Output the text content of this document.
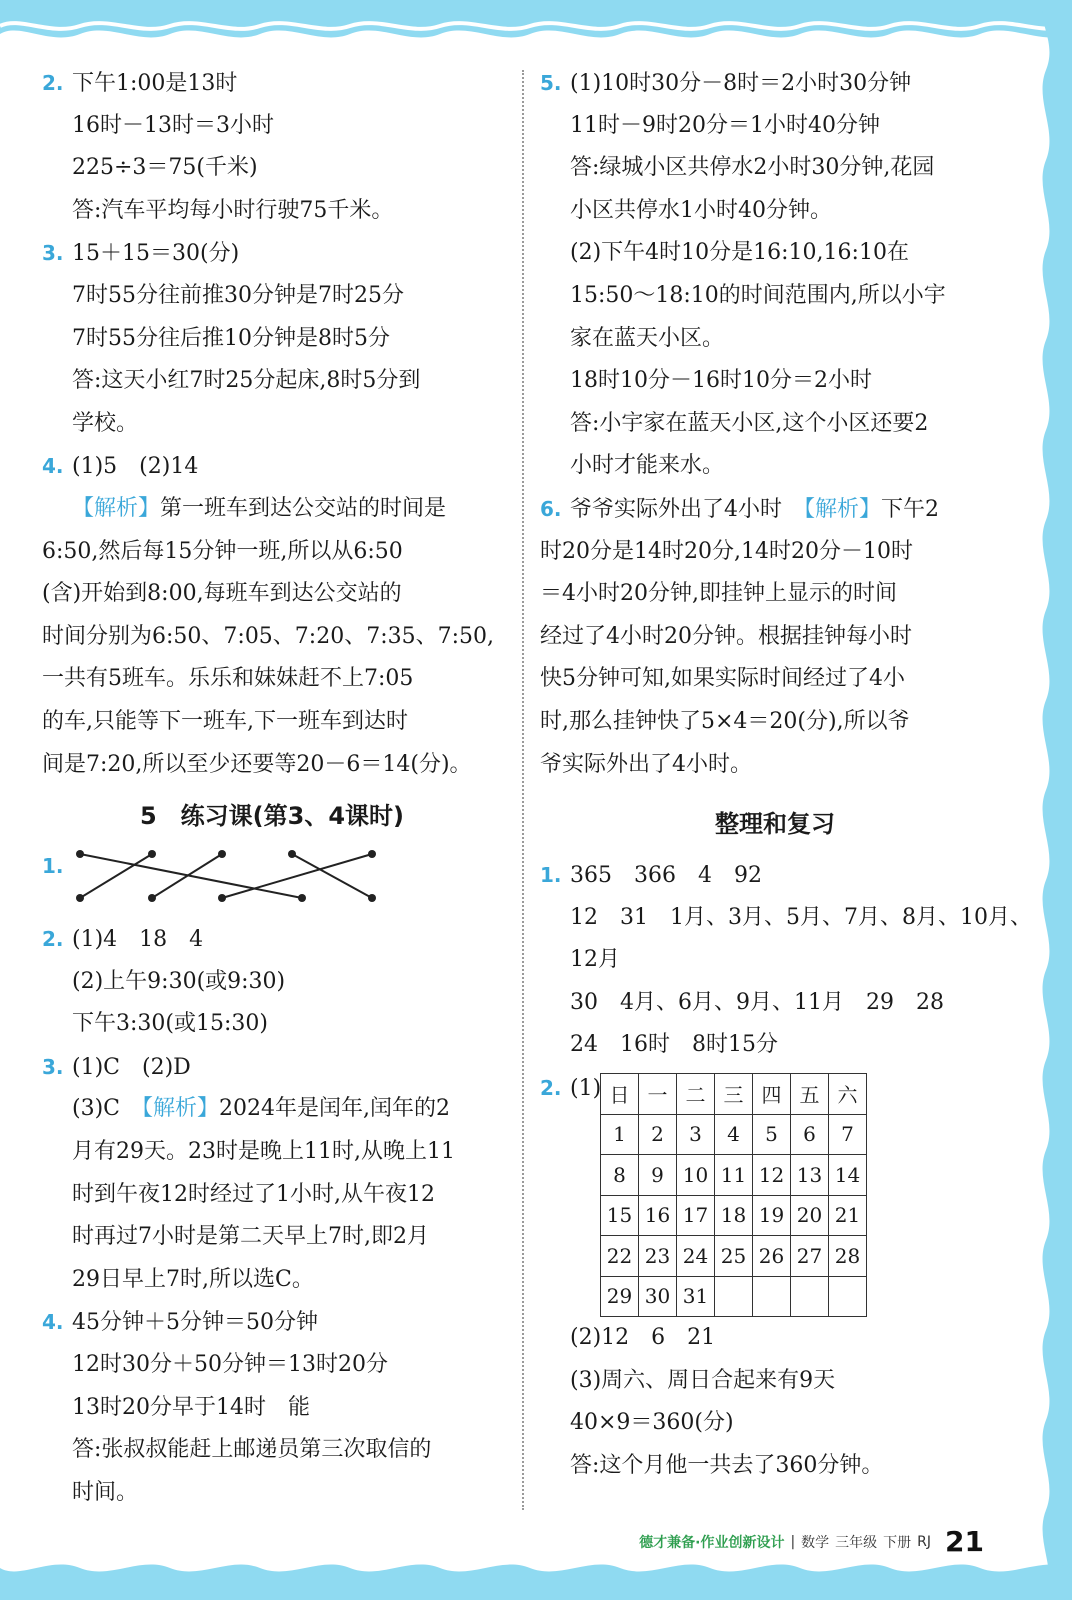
2. 下午1:00是13时
16时－13时＝3小时
225÷3＝75(千米)
答:汽车平均每小时行驶75千米。
3. 15＋15＝30(分)
7时55分往前推30分钟是7时25分
7时55分往后推10分钟是8时5分
答:这天小红7时25分起床,8时5分到
学校。
4. (1)5　(2)14
【解析】第一班车到达公交站的时间是
6:50,然后每15分钟一班,所以从6:50
(含)开始到8:00,每班车到达公交站的
时间分别为6:50、7:05、7:20、7:35、7:50,
一共有5班车。乐乐和妹妹赶不上7:05
的车,只能等下一班车,下一班车到达时
间是7:20,所以至少还要等20－6＝14(分)。
5　练习课(第3、4课时)
1.
2. (1)4　18　4
(2)上午9:30(或9:30)
下午3:30(或15:30)
3. (1)C　(2)D
(3)C　【解析】2024年是闰年,闰年的2
月有29天。23时是晚上11时,从晚上11
时到午夜12时经过了1小时,从午夜12
时再过7小时是第二天早上7时,即2月
29日早上7时,所以选C。
4. 45分钟＋5分钟＝50分钟
12时30分＋50分钟＝13时20分
13时20分早于14时　能
答:张叔叔能赶上邮递员第三次取信的
时间。
5. (1)10时30分－8时＝2小时30分钟
11时－9时20分＝1小时40分钟
答:绿城小区共停水2小时30分钟,花园
小区共停水1小时40分钟。
(2)下午4时10分是16:10,16:10在
15:50～18:10的时间范围内,所以小宇
家在蓝天小区。
18时10分－16时10分＝2小时
答:小宇家在蓝天小区,这个小区还要2
小时才能来水。
6. 爷爷实际外出了4小时　【解析】下午2
时20分是14时20分,14时20分－10时
＝4小时20分钟,即挂钟上显示的时间
经过了4小时20分钟。根据挂钟每小时
快5分钟可知,如果实际时间经过了4小
时,那么挂钟快了5×4＝20(分),所以爷
爷实际外出了4小时。
整理和复习
1. 365　366　4　92
12　31　1月、3月、5月、7月、8月、10月、
12月
30　4月、6月、9月、11月　29　28
24　16时　8时15分
2. (1) 日	一	二	三	四	五	六
1	2	3	4	5	6	7
8	9	10	11	12	13	14
15	16	17	18	19	20	21
22	23	24	25	26	27	28
29	30	31				
(2)12　6　21
(3)周六、周日合起来有9天
40×9＝360(分)
答:这个月他一共去了360分钟。
德才兼备·作业创新设计 | 数学 三年级 下册 RJ 21
